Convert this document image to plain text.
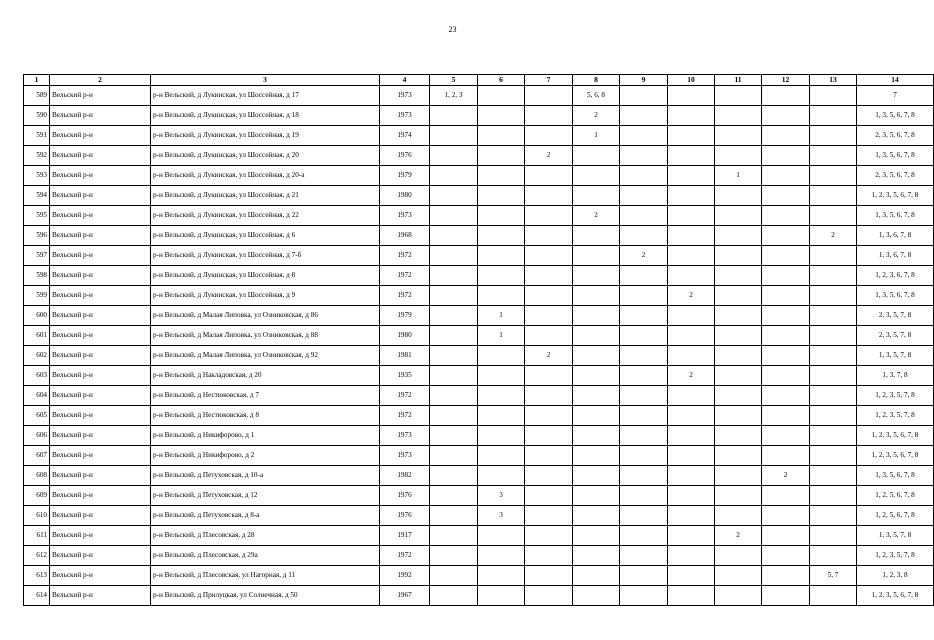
23
1	2	3	4	5	6	7	8	9	10	11	12	13	14
589	Вельский р-н	р-н Вельский, д Лукинская, ул Шоссейная, д 17	1973	1, 2, 3			5, 6, 8						7
590	Вельский р-н	р-н Вельский, д Лукинская, ул Шоссейная, д 18	1973				2						1, 3, 5, 6, 7, 8
591	Вельский р-н	р-н Вельский, д Лукинская, ул Шоссейная, д 19	1974				1						2, 3, 5, 6, 7, 8
592	Вельский р-н	р-н Вельский, д Лукинская, ул Шоссейная, д 20	1976			2							1, 3, 5, 6, 7, 8
593	Вельский р-н	р-н Вельский, д Лукинская, ул Шоссейная, д 20-а	1979							1			2, 3, 5, 6, 7, 8
594	Вельский р-н	р-н Вельский, д Лукинская, ул Шоссейная, д 21	1980										1, 2, 3, 5, 6, 7, 8
595	Вельский р-н	р-н Вельский, д Лукинская, ул Шоссейная, д 22	1973				2						1, 3, 5, 6, 7, 8
596	Вельский р-н	р-н Вельский, д Лукинская, ул Шоссейная, д 6	1968									2	1, 3, 6, 7, 8
597	Вельский р-н	р-н Вельский, д Лукинская, ул Шоссейная, д 7-б	1972					2					1, 3, 6, 7, 8
598	Вельский р-н	р-н Вельский, д Лукинская, ул Шоссейная, д 8	1972										1, 2, 3, 6, 7, 8
599	Вельский р-н	р-н Вельский, д Лукинская, ул Шоссейная, д 9	1972						2				1, 3, 5, 6, 7, 8
600	Вельский р-н	р-н Вельский, д Малая Липовка, ул Озниковская, д 86	1979		1								2, 3, 5, 7, 8
601	Вельский р-н	р-н Вельский, д Малая Липовка, ул Озниковская, д 88	1980		1								2, 3, 5, 7, 8
602	Вельский р-н	р-н Вельский, д Малая Липовка, ул Озниковская, д 92	1981			2							1, 3, 5, 7, 8
603	Вельский р-н	р-н Вельский, д Накладовская, д 20	1935						2				1, 3, 7, 8
604	Вельский р-н	р-н Вельский, д Нестюковская, д 7	1972										1, 2, 3, 5, 7, 8
605	Вельский р-н	р-н Вельский, д Нестюковская, д 8	1972										1, 2, 3, 5, 7, 8
606	Вельский р-н	р-н Вельский, д Никифорово, д 1	1973										1, 2, 3, 5, 6, 7, 8
607	Вельский р-н	р-н Вельский, д Никифорово, д 2	1973										1, 2, 3, 5, 6, 7, 8
608	Вельский р-н	р-н Вельский, д Петуховская, д 10-а	1982								2		1, 3, 5, 6, 7, 8
609	Вельский р-н	р-н Вельский, д Петуховская, д 12	1976		3								1, 2, 5, 6, 7, 8
610	Вельский р-н	р-н Вельский, д Петуховская, д 8-а	1976		3								1, 2, 5, 6, 7, 8
611	Вельский р-н	р-н Вельский, д Плесовская, д 28	1917							2			1, 3, 5, 7, 8
612	Вельский р-н	р-н Вельский, д Плесовская, д 29а	1972										1, 2, 3, 5, 7, 8
613	Вельский р-н	р-н Вельский, д Плесовская, ул Нагорная, д 11	1992									5, 7	1, 2, 3, 8
614	Вельский р-н	р-н Вельский, д Прилуцкая, ул Солнечная, д 50	1967										1, 2, 3, 5, 6, 7, 8
